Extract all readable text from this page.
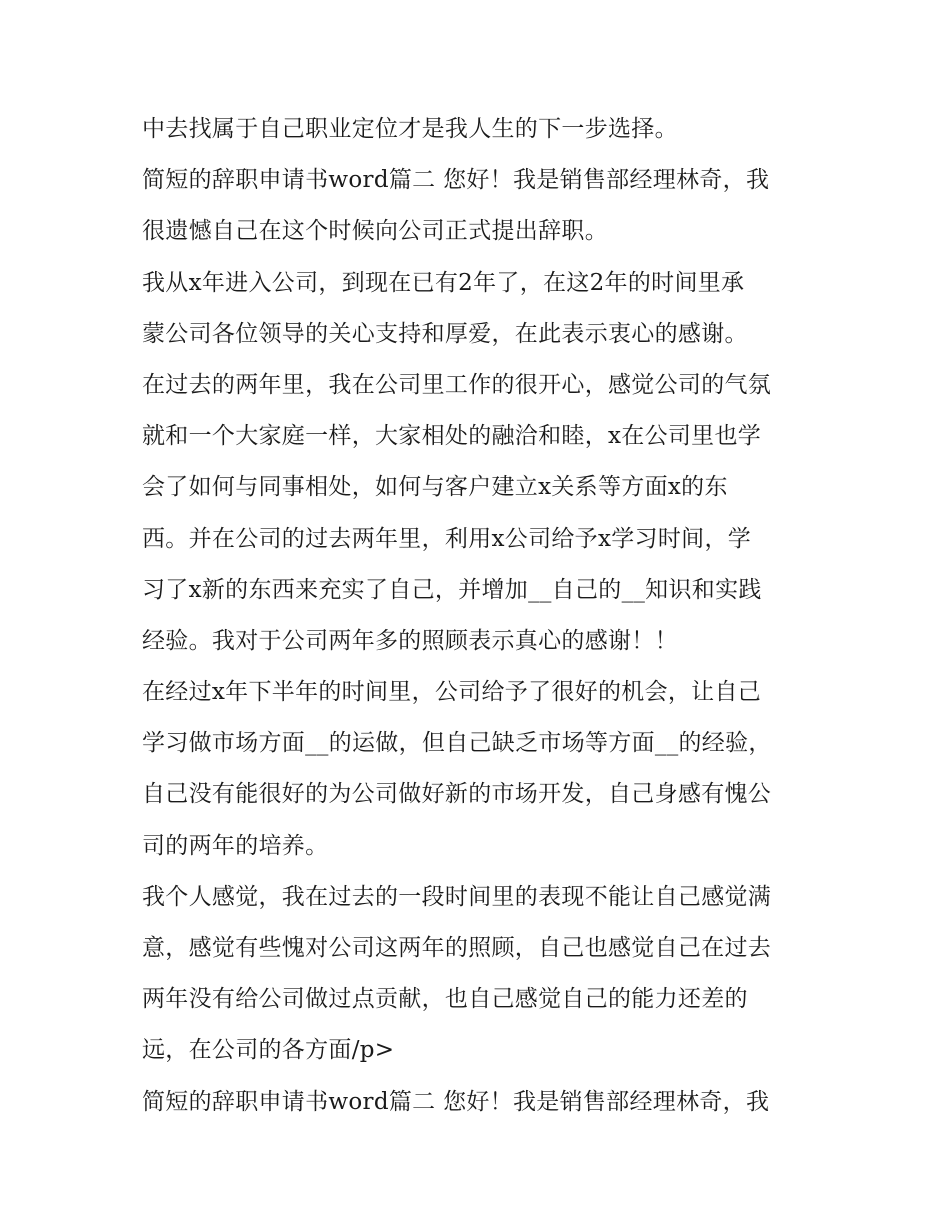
中去找属于自己职业定位才是我人生的下一步选择。
简短的辞职申请书word篇二 您好！我是销售部经理林奇，我
很遗憾自己在这个时候向公司正式提出辞职。
我从x年进入公司，到现在已有2年了，在这2年的时间里承
蒙公司各位领导的关心支持和厚爱，在此表示衷心的感谢。
在过去的两年里，我在公司里工作的很开心，感觉公司的气氛
就和一个大家庭一样，大家相处的融洽和睦，x在公司里也学
会了如何与同事相处，如何与客户建立x关系等方面x的东
西。并在公司的过去两年里，利用x公司给予x学习时间，学
习了x新的东西来充实了自己，并增加__自己的__知识和实践
经验。我对于公司两年多的照顾表示真心的感谢！！
在经过x年下半年的时间里，公司给予了很好的机会，让自己
学习做市场方面__的运做，但自己缺乏市场等方面__的经验，
自己没有能很好的为公司做好新的市场开发，自己身感有愧公
司的两年的培养。
我个人感觉，我在过去的一段时间里的表现不能让自己感觉满
意，感觉有些愧对公司这两年的照顾，自己也感觉自己在过去
两年没有给公司做过点贡献，也自己感觉自己的能力还差的
远，在公司的各方面/p>
简短的辞职申请书word篇二 您好！我是销售部经理林奇，我
